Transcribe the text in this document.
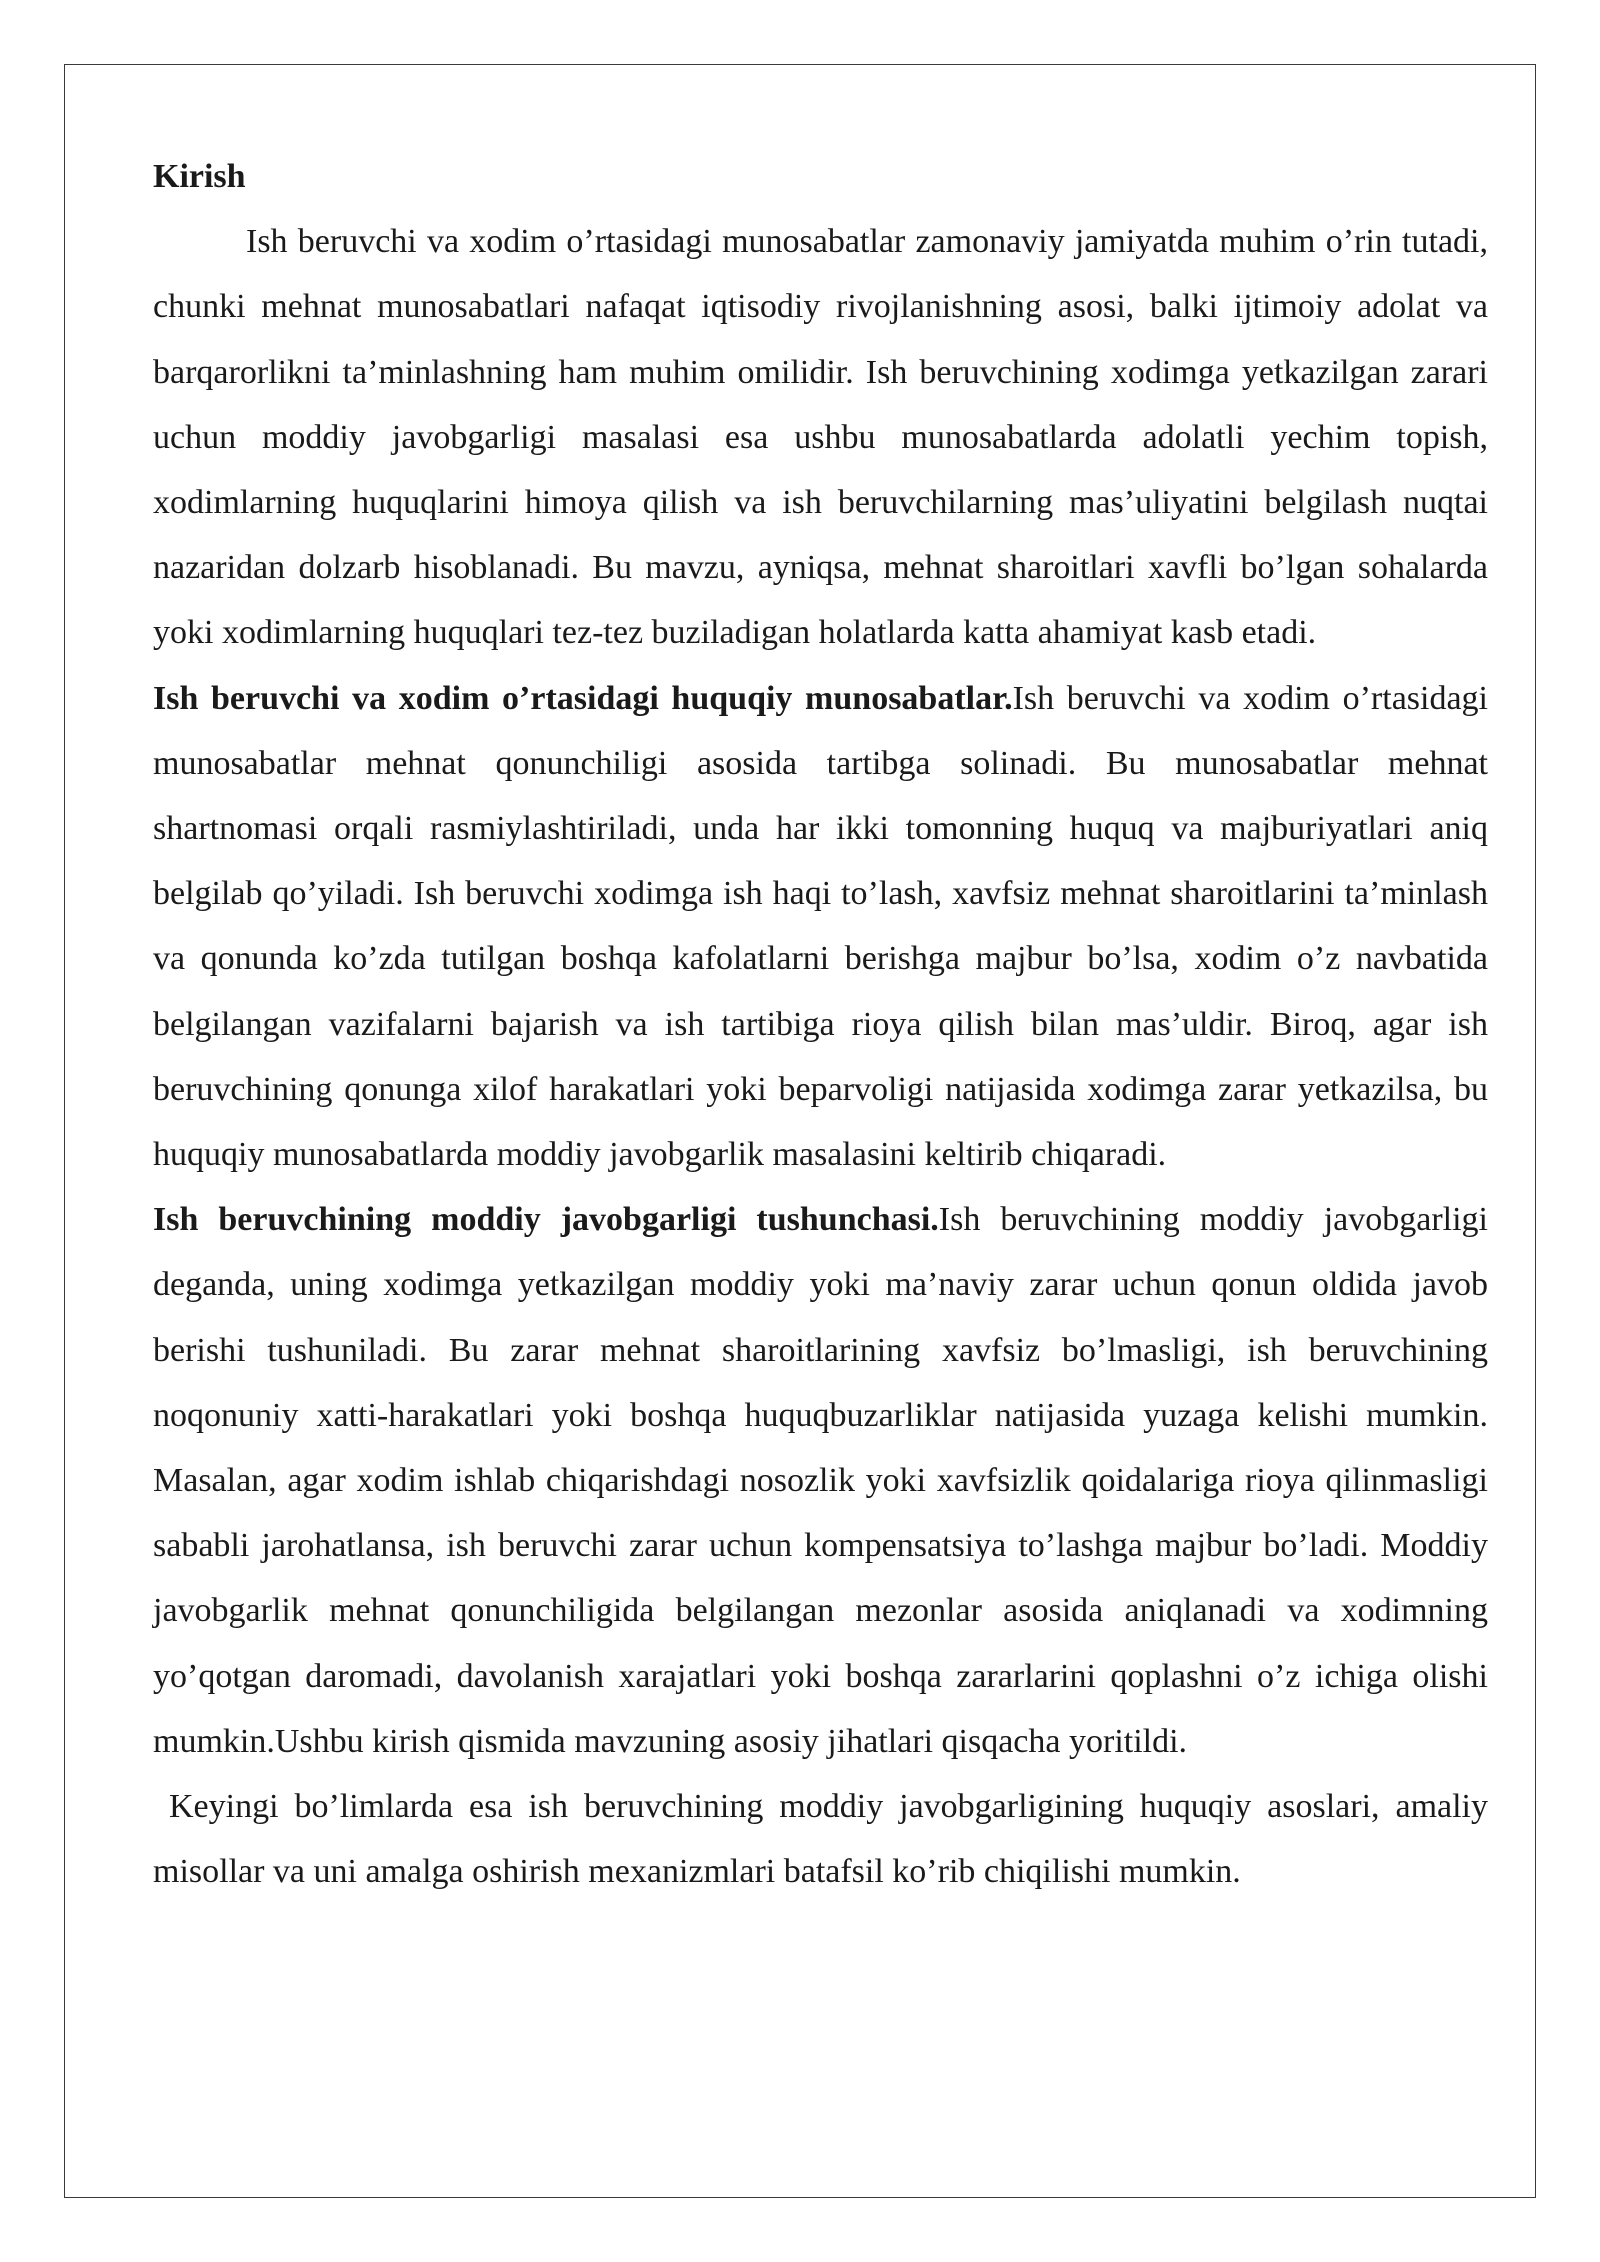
Kirish

Ish beruvchi va xodim o’rtasidagi munosabatlar zamonaviy jamiyatda muhim o’rin tutadi, chunki mehnat munosabatlari nafaqat iqtisodiy rivojlanishning asosi, balki ijtimoiy adolat va barqarorlikni ta’minlashning ham muhim omilidir. Ish beruvchining xodimga yetkazilgan zarari uchun moddiy javobgarligi masalasi esa ushbu munosabatlarda adolatli yechim topish, xodimlarning huquqlarini himoya qilish va ish beruvchilarning mas’uliyatini belgilash nuqtai nazaridan dolzarb hisoblanadi. Bu mavzu, ayniqsa, mehnat sharoitlari xavfli bo’lgan sohalarda yoki xodimlarning huquqlari tez-tez buziladigan holatlarda katta ahamiyat kasb etadi.

Ish beruvchi va xodim o’rtasidagi huquqiy munosabatlar.Ish beruvchi va xodim o’rtasidagi munosabatlar mehnat qonunchiligi asosida tartibga solinadi. Bu munosabatlar mehnat shartnomasi orqali rasmiylashtiriladi, unda har ikki tomonning huquq va majburiyatlari aniq belgilab qo’yiladi. Ish beruvchi xodimga ish haqi to’lash, xavfsiz mehnat sharoitlarini ta’minlash va qonunda ko’zda tutilgan boshqa kafolatlarni berishga majbur bo’lsa, xodim o’z navbatida belgilangan vazifalarni bajarish va ish tartibiga rioya qilish bilan mas’uldir. Biroq, agar ish beruvchining qonunga xilof harakatlari yoki beparvoligi natijasida xodimga zarar yetkazilsa, bu huquqiy munosabatlarda moddiy javobgarlik masalasini keltirib chiqaradi.

Ish beruvchining moddiy javobgarligi tushunchasi.Ish beruvchining moddiy javobgarligi deganda, uning xodimga yetkazilgan moddiy yoki ma’naviy zarar uchun qonun oldida javob berishi tushuniladi. Bu zarar mehnat sharoitlarining xavfsiz bo’lmasligi, ish beruvchining noqonuniy xatti-harakatlari yoki boshqa huquqbuzarliklar natijasida yuzaga kelishi mumkin. Masalan, agar xodim ishlab chiqarishdagi nosozlik yoki xavfsizlik qoidalariga rioya qilinmasligi sababli jarohatlansa, ish beruvchi zarar uchun kompensatsiya to’lashga majbur bo’ladi. Moddiy javobgarlik mehnat qonunchiligida belgilangan mezonlar asosida aniqlanadi va xodimning yo’qotgan daromadi, davolanish xarajatlari yoki boshqa zararlarini qoplashni o’z ichiga olishi mumkin.Ushbu kirish qismida mavzuning asosiy jihatlari qisqacha yoritildi.

Keyingi bo’limlarda esa ish beruvchining moddiy javobgarligining huquqiy asoslari, amaliy misollar va uni amalga oshirish mexanizmlari batafsil ko’rib chiqilishi mumkin.
